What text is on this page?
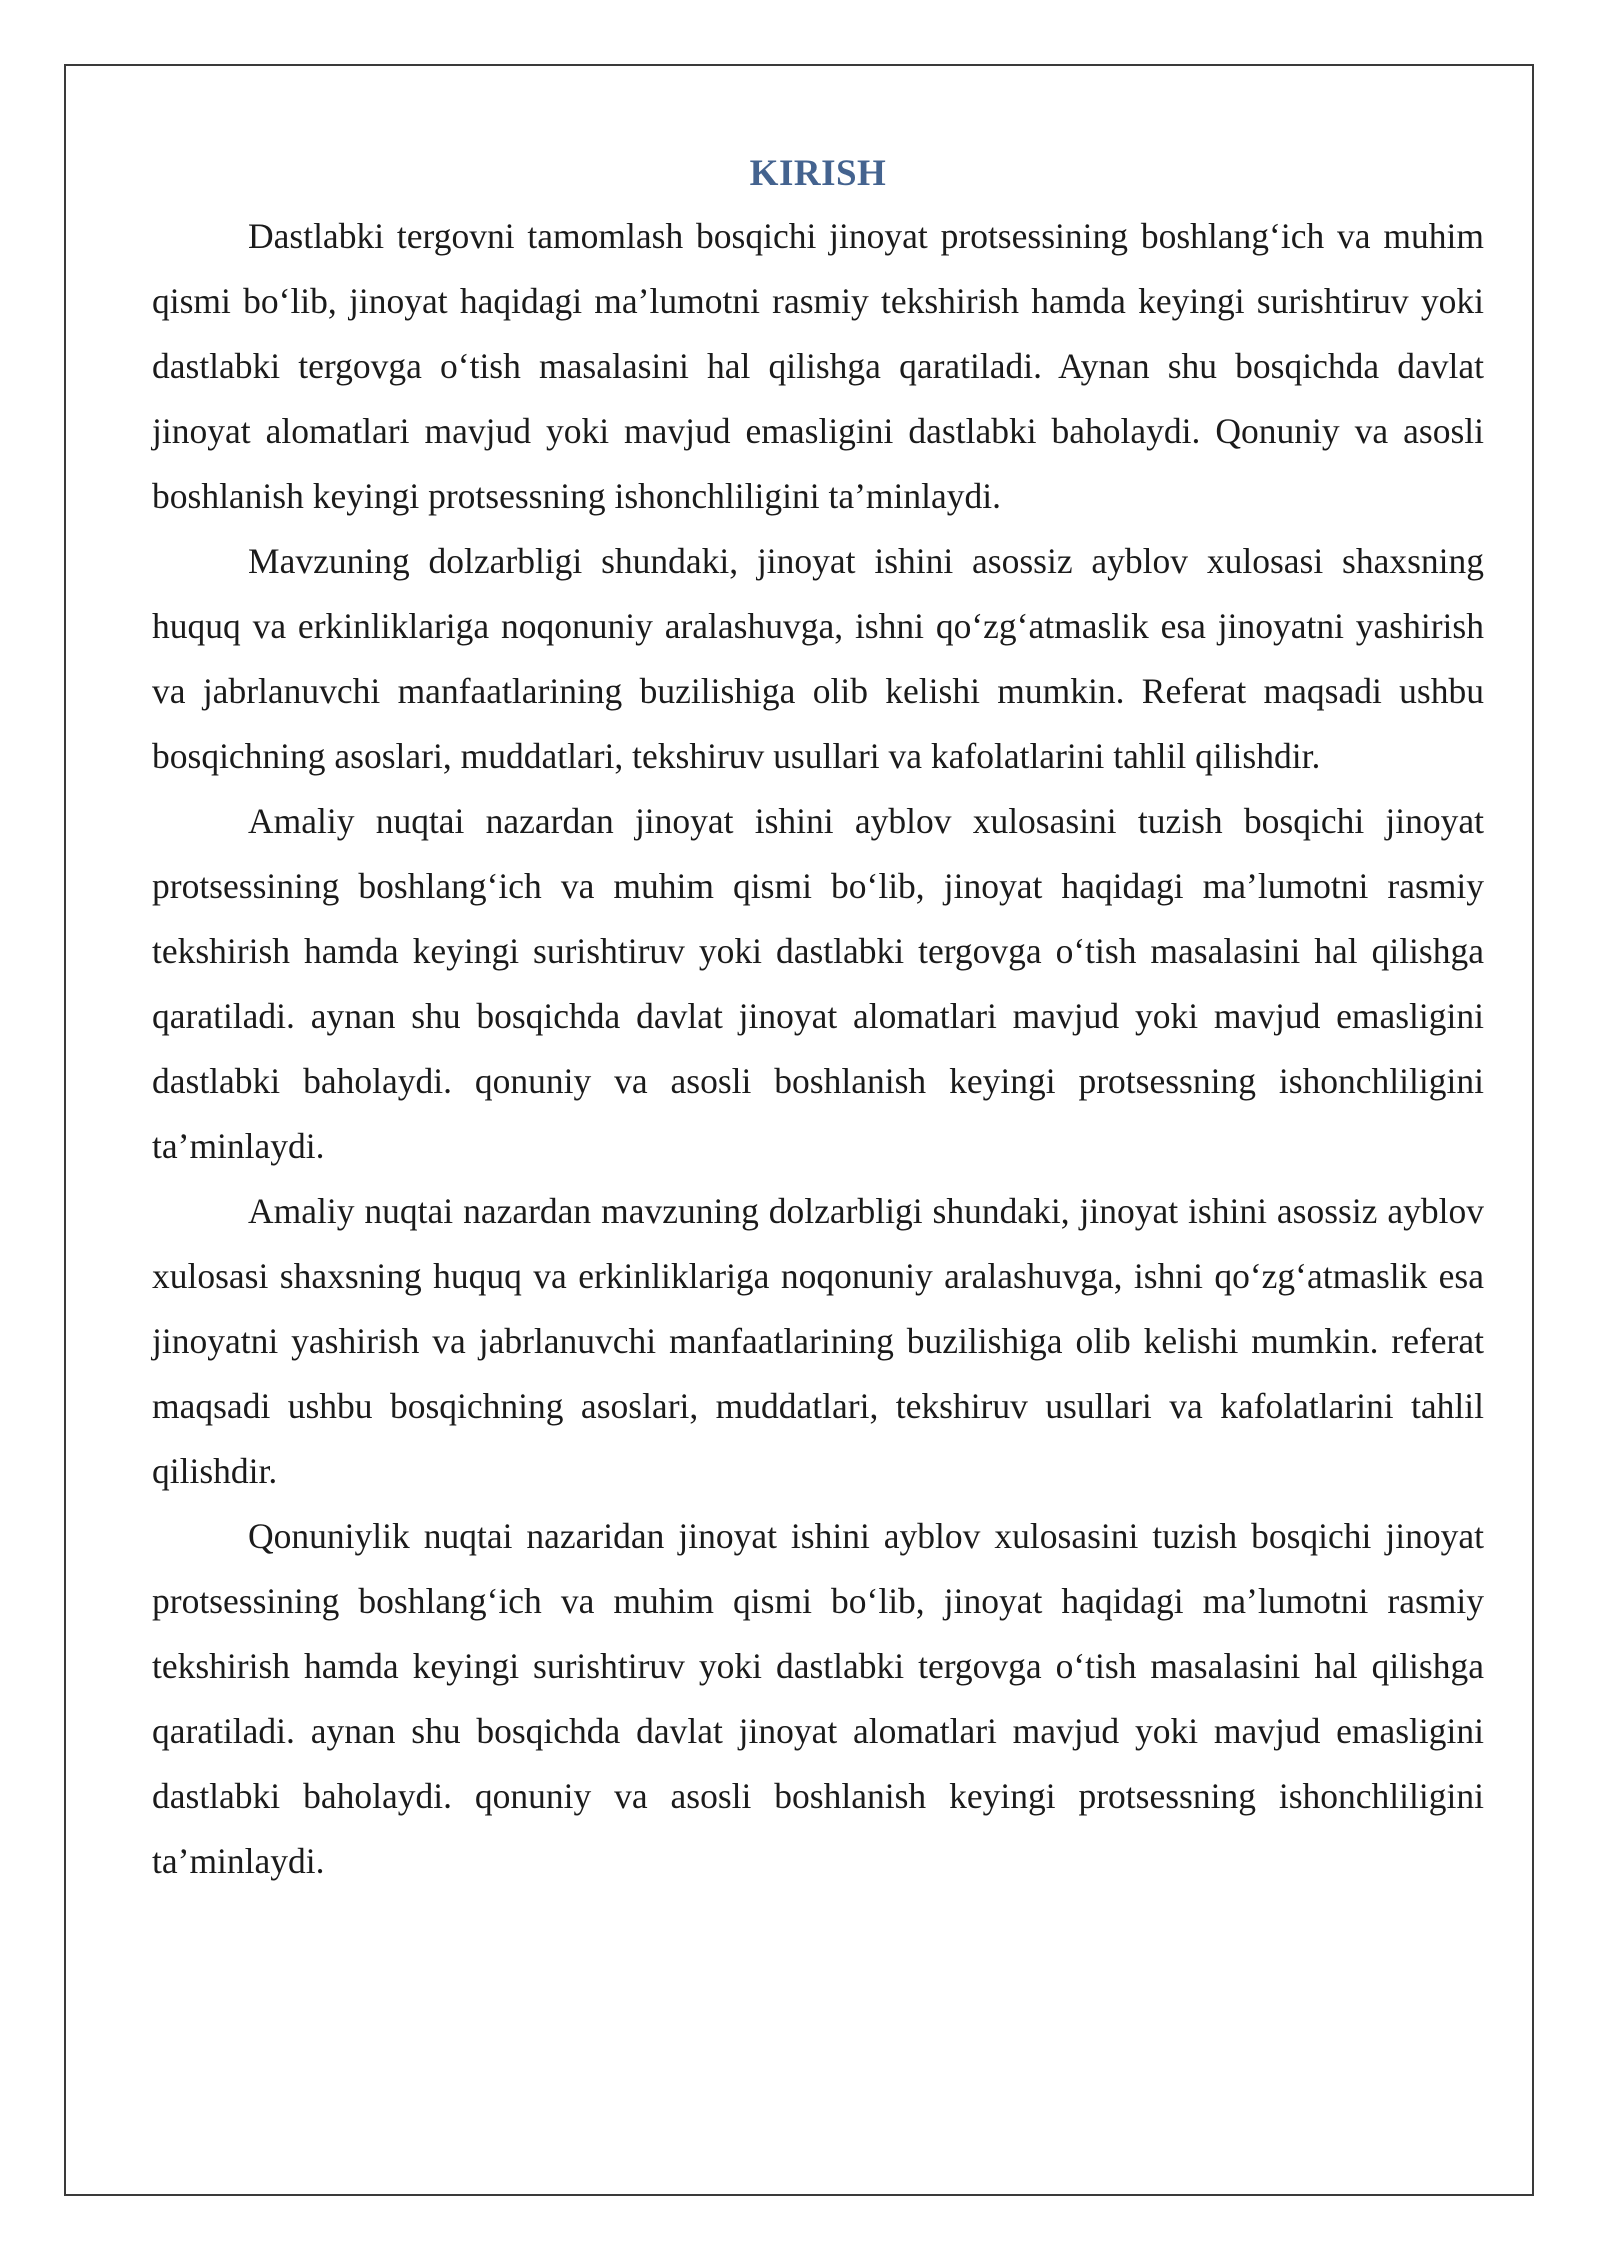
KIRISH

Dastlabki tergovni tamomlash bosqichi jinoyat protsessining boshlang‘ich va muhim qismi bo‘lib, jinoyat haqidagi ma’lumotni rasmiy tekshirish hamda keyingi surishtiruv yoki dastlabki tergovga o‘tish masalasini hal qilishga qaratiladi. Aynan shu bosqichda davlat jinoyat alomatlari mavjud yoki mavjud emasligini dastlabki baholaydi. Qonuniy va asosli boshlanish keyingi protsessning ishonchliligini ta’minlaydi.

Mavzuning dolzarbligi shundaki, jinoyat ishini asossiz ayblov xulosasi shaxsning huquq va erkinliklariga noqonuniy aralashuvga, ishni qo‘zg‘atmaslik esa jinoyatni yashirish va jabrlanuvchi manfaatlarining buzilishiga olib kelishi mumkin. Referat maqsadi ushbu bosqichning asoslari, muddatlari, tekshiruv usullari va kafolatlarini tahlil qilishdir.

Amaliy nuqtai nazardan jinoyat ishini ayblov xulosasini tuzish bosqichi jinoyat protsessining boshlang‘ich va muhim qismi bo‘lib, jinoyat haqidagi ma’lumotni rasmiy tekshirish hamda keyingi surishtiruv yoki dastlabki tergovga o‘tish masalasini hal qilishga qaratiladi. aynan shu bosqichda davlat jinoyat alomatlari mavjud yoki mavjud emasligini dastlabki baholaydi. qonuniy va asosli boshlanish keyingi protsessning ishonchliligini ta’minlaydi.

Amaliy nuqtai nazardan mavzuning dolzarbligi shundaki, jinoyat ishini asossiz ayblov xulosasi shaxsning huquq va erkinliklariga noqonuniy aralashuvga, ishni qo‘zg‘atmaslik esa jinoyatni yashirish va jabrlanuvchi manfaatlarining buzilishiga olib kelishi mumkin. referat maqsadi ushbu bosqichning asoslari, muddatlari, tekshiruv usullari va kafolatlarini tahlil qilishdir.

Qonuniylik nuqtai nazaridan jinoyat ishini ayblov xulosasini tuzish bosqichi jinoyat protsessining boshlang‘ich va muhim qismi bo‘lib, jinoyat haqidagi ma’lumotni rasmiy tekshirish hamda keyingi surishtiruv yoki dastlabki tergovga o‘tish masalasini hal qilishga qaratiladi. aynan shu bosqichda davlat jinoyat alomatlari mavjud yoki mavjud emasligini dastlabki baholaydi. qonuniy va asosli boshlanish keyingi protsessning ishonchliligini ta’minlaydi.
